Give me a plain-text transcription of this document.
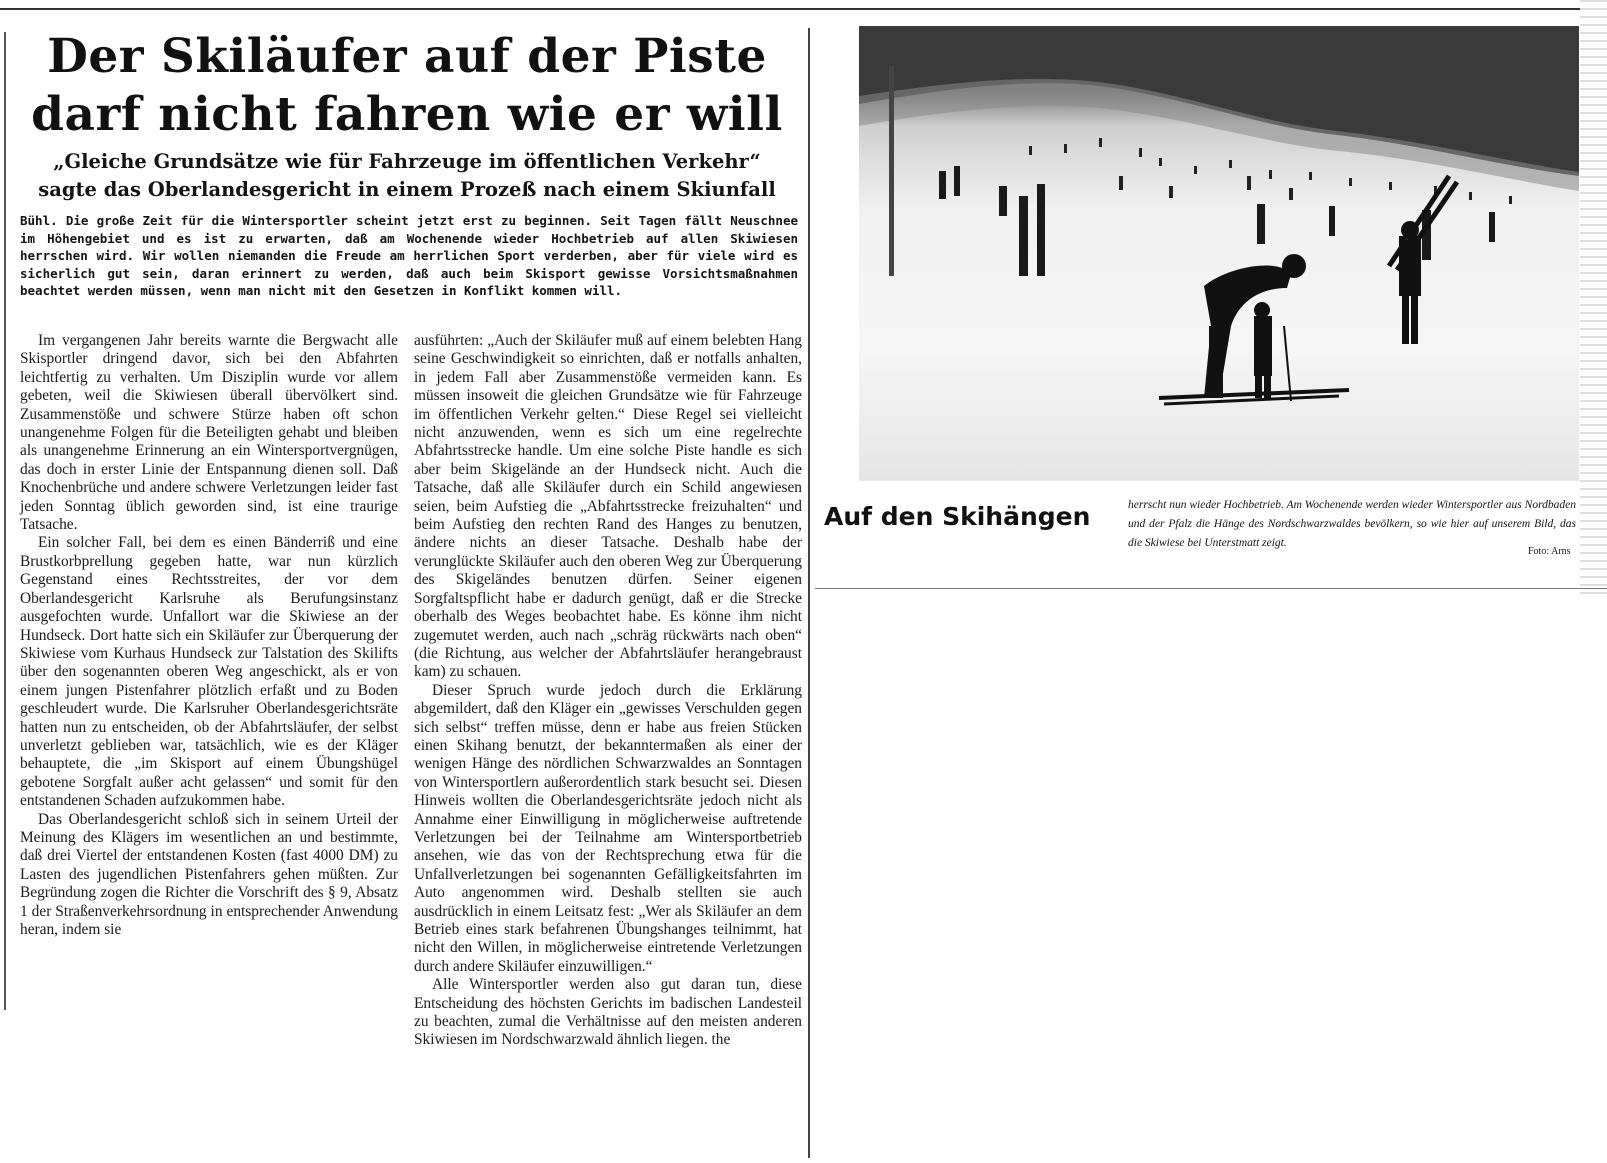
Der Skiläufer auf der Piste
darf nicht fahren wie er will
„Gleiche Grundsätze wie für Fahrzeuge im öffentlichen Verkehr“
sagte das Oberlandesgericht in einem Prozeß nach einem Skiunfall

Bühl. Die große Zeit für die Wintersportler scheint jetzt erst zu beginnen. Seit Tagen fällt Neuschnee im Höhengebiet und es ist zu erwarten, daß am Wochenende wieder Hochbetrieb auf allen Skiwiesen herrschen wird. Wir wollen niemanden die Freude am herrlichen Sport verderben, aber für viele wird es sicherlich gut sein, daran erinnert zu werden, daß auch beim Skisport gewisse Vorsichtsmaßnahmen beachtet werden müssen, wenn man nicht mit den Gesetzen in Konflikt kommen will.

Im vergangenen Jahr bereits warnte die Bergwacht alle Skisportler dringend davor, sich bei den Abfahrten leichtfertig zu verhalten. Um Disziplin wurde vor allem gebeten, weil die Skiwiesen überall übervölkert sind. Zusammenstöße und schwere Stürze haben oft schon unangenehme Folgen für die Beteiligten gehabt und bleiben als unangenehme Erinnerung an ein Wintersportvergnügen, das doch in erster Linie der Entspannung dienen soll. Daß Knochenbrüche und andere schwere Verletzungen leider fast jeden Sonntag üblich geworden sind, ist eine traurige Tatsache.

Ein solcher Fall, bei dem es einen Bänderriß und eine Brustkorbprellung gegeben hatte, war nun kürzlich Gegenstand eines Rechtsstreites, der vor dem Oberlandesgericht Karlsruhe als Berufungsinstanz ausgefochten wurde. Unfallort war die Skiwiese an der Hundseck. Dort hatte sich ein Skiläufer zur Überquerung der Skiwiese vom Kurhaus Hundseck zur Talstation des Skilifts über den sogenannten oberen Weg angeschickt, als er von einem jungen Pistenfahrer plötzlich erfaßt und zu Boden geschleudert wurde. Die Karlsruher Oberlandesgerichtsräte hatten nun zu entscheiden, ob der Abfahrtsläufer, der selbst unverletzt geblieben war, tatsächlich, wie es der Kläger behauptete, die „im Skisport auf einem Übungshügel gebotene Sorgfalt außer acht gelassen“ und somit für den entstandenen Schaden aufzukommen habe.

Das Oberlandesgericht schloß sich in seinem Urteil der Meinung des Klägers im wesentlichen an und bestimmte, daß drei Viertel der entstandenen Kosten (fast 4000 DM) zu Lasten des jugendlichen Pistenfahrers gehen müßten. Zur Begründung zogen die Richter die Vorschrift des § 9, Absatz 1 der Straßenverkehrsordnung in entsprechender Anwendung heran, indem sie

ausführten: „Auch der Skiläufer muß auf einem belebten Hang seine Geschwindigkeit so einrichten, daß er notfalls anhalten, in jedem Fall aber Zusammenstöße vermeiden kann. Es müssen insoweit die gleichen Grundsätze wie für Fahrzeuge im öffentlichen Verkehr gelten.“ Diese Regel sei vielleicht nicht anzuwenden, wenn es sich um eine regelrechte Abfahrtsstrecke handle. Um eine solche Piste handle es sich aber beim Skigelände an der Hundseck nicht. Auch die Tatsache, daß alle Skiläufer durch ein Schild angewiesen seien, beim Aufstieg die „Abfahrtsstrecke freizuhalten“ und beim Aufstieg den rechten Rand des Hanges zu benutzen, ändere nichts an dieser Tatsache. Deshalb habe der verunglückte Skiläufer auch den oberen Weg zur Überquerung des Skigeländes benutzen dürfen. Seiner eigenen Sorgfaltspflicht habe er dadurch genügt, daß er die Strecke oberhalb des Weges beobachtet habe. Es könne ihm nicht zugemutet werden, auch nach „schräg rückwärts nach oben“ (die Richtung, aus welcher der Abfahrtsläufer herangebraust kam) zu schauen.

Dieser Spruch wurde jedoch durch die Erklärung abgemildert, daß den Kläger ein „gewisses Verschulden gegen sich selbst“ treffen müsse, denn er habe aus freien Stücken einen Skihang benutzt, der bekanntermaßen als einer der wenigen Hänge des nördlichen Schwarzwaldes an Sonntagen von Wintersportlern außerordentlich stark besucht sei. Diesen Hinweis wollten die Oberlandesgerichtsräte jedoch nicht als Annahme einer Einwilligung in möglicherweise auftretende Verletzungen bei der Teilnahme am Wintersportbetrieb ansehen, wie das von der Rechtsprechung etwa für die Unfallverletzungen bei sogenannten Gefälligkeitsfahrten im Auto angenommen wird. Deshalb stellten sie auch ausdrücklich in einem Leitsatz fest: „Wer als Skiläufer an dem Betrieb eines stark befahrenen Übungshanges teilnimmt, hat nicht den Willen, in möglicherweise eintretende Verletzungen durch andere Skiläufer einzuwilligen.“

Alle Wintersportler werden also gut daran tun, diese Entscheidung des höchsten Gerichts im badischen Landesteil zu beachten, zumal die Verhältnisse auf den meisten anderen Skiwiesen im Nordschwarzwald ähnlich liegen. the

Auf den Skihängen	herrscht nun wieder Hochbetrieb. Am Wochenende werden wieder Wintersportler aus Nordbaden und der Pfalz die Hänge des Nordschwarzwaldes bevölkern, so wie hier auf unserem Bild, das die Skiwiese bei Unterstmatt zeigt.
Foto: Arns
